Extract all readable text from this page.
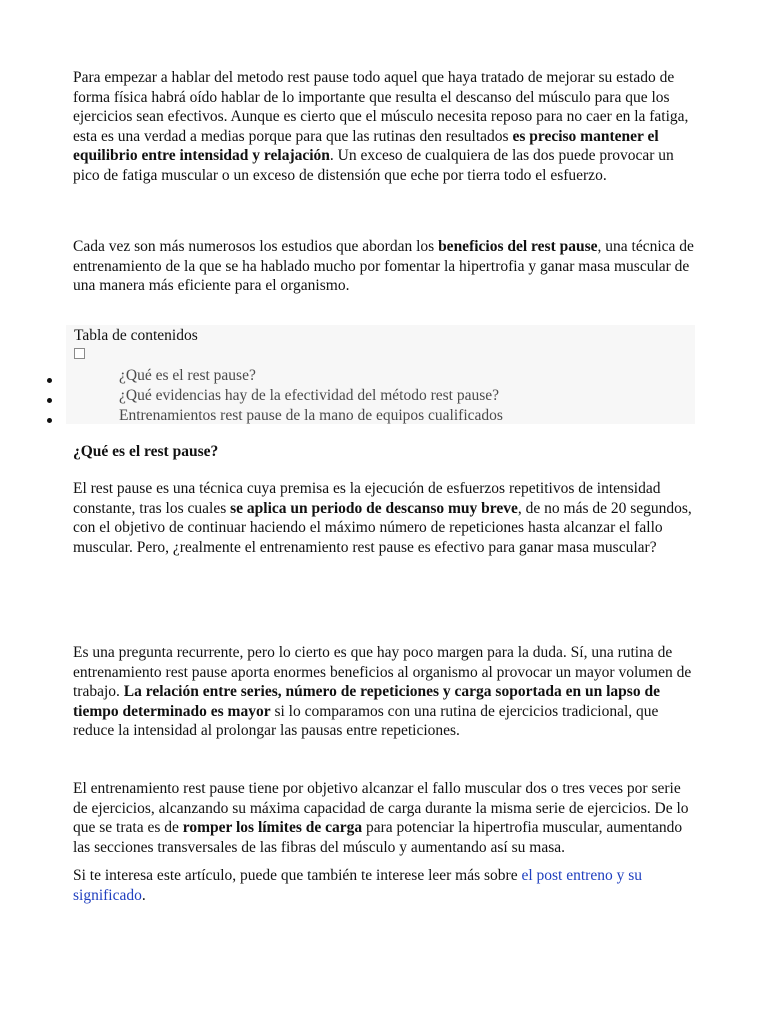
Para empezar a hablar del metodo rest pause todo aquel que haya tratado de mejorar su estado de forma física habrá oído hablar de lo importante que resulta el descanso del músculo para que los ejercicios sean efectivos. Aunque es cierto que el músculo necesita reposo para no caer en la fatiga, esta es una verdad a medias porque para que las rutinas den resultados es preciso mantener el equilibrio entre intensidad y relajación. Un exceso de cualquiera de las dos puede provocar un pico de fatiga muscular o un exceso de distensión que eche por tierra todo el esfuerzo.

Cada vez son más numerosos los estudios que abordan los beneficios del rest pause, una técnica de entrenamiento de la que se ha hablado mucho por fomentar la hipertrofia y ganar masa muscular de una manera más eficiente para el organismo.

Tabla de contenidos
¿Qué es el rest pause?
¿Qué evidencias hay de la efectividad del método rest pause?
Entrenamientos rest pause de la mano de equipos cualificados
¿Qué es el rest pause?

El rest pause es una técnica cuya premisa es la ejecución de esfuerzos repetitivos de intensidad constante, tras los cuales se aplica un periodo de descanso muy breve, de no más de 20 segundos, con el objetivo de continuar haciendo el máximo número de repeticiones hasta alcanzar el fallo muscular. Pero, ¿realmente el entrenamiento rest pause es efectivo para ganar masa muscular?

Es una pregunta recurrente, pero lo cierto es que hay poco margen para la duda. Sí, una rutina de entrenamiento rest pause aporta enormes beneficios al organismo al provocar un mayor volumen de trabajo. La relación entre series, número de repeticiones y carga soportada en un lapso de tiempo determinado es mayor si lo comparamos con una rutina de ejercicios tradicional, que reduce la intensidad al prolongar las pausas entre repeticiones.

El entrenamiento rest pause tiene por objetivo alcanzar el fallo muscular dos o tres veces por serie de ejercicios, alcanzando su máxima capacidad de carga durante la misma serie de ejercicios. De lo que se trata es de romper los límites de carga para potenciar la hipertrofia muscular, aumentando las secciones transversales de las fibras del músculo y aumentando así su masa.

Si te interesa este artículo, puede que también te interese leer más sobre el post entreno y su significado.
